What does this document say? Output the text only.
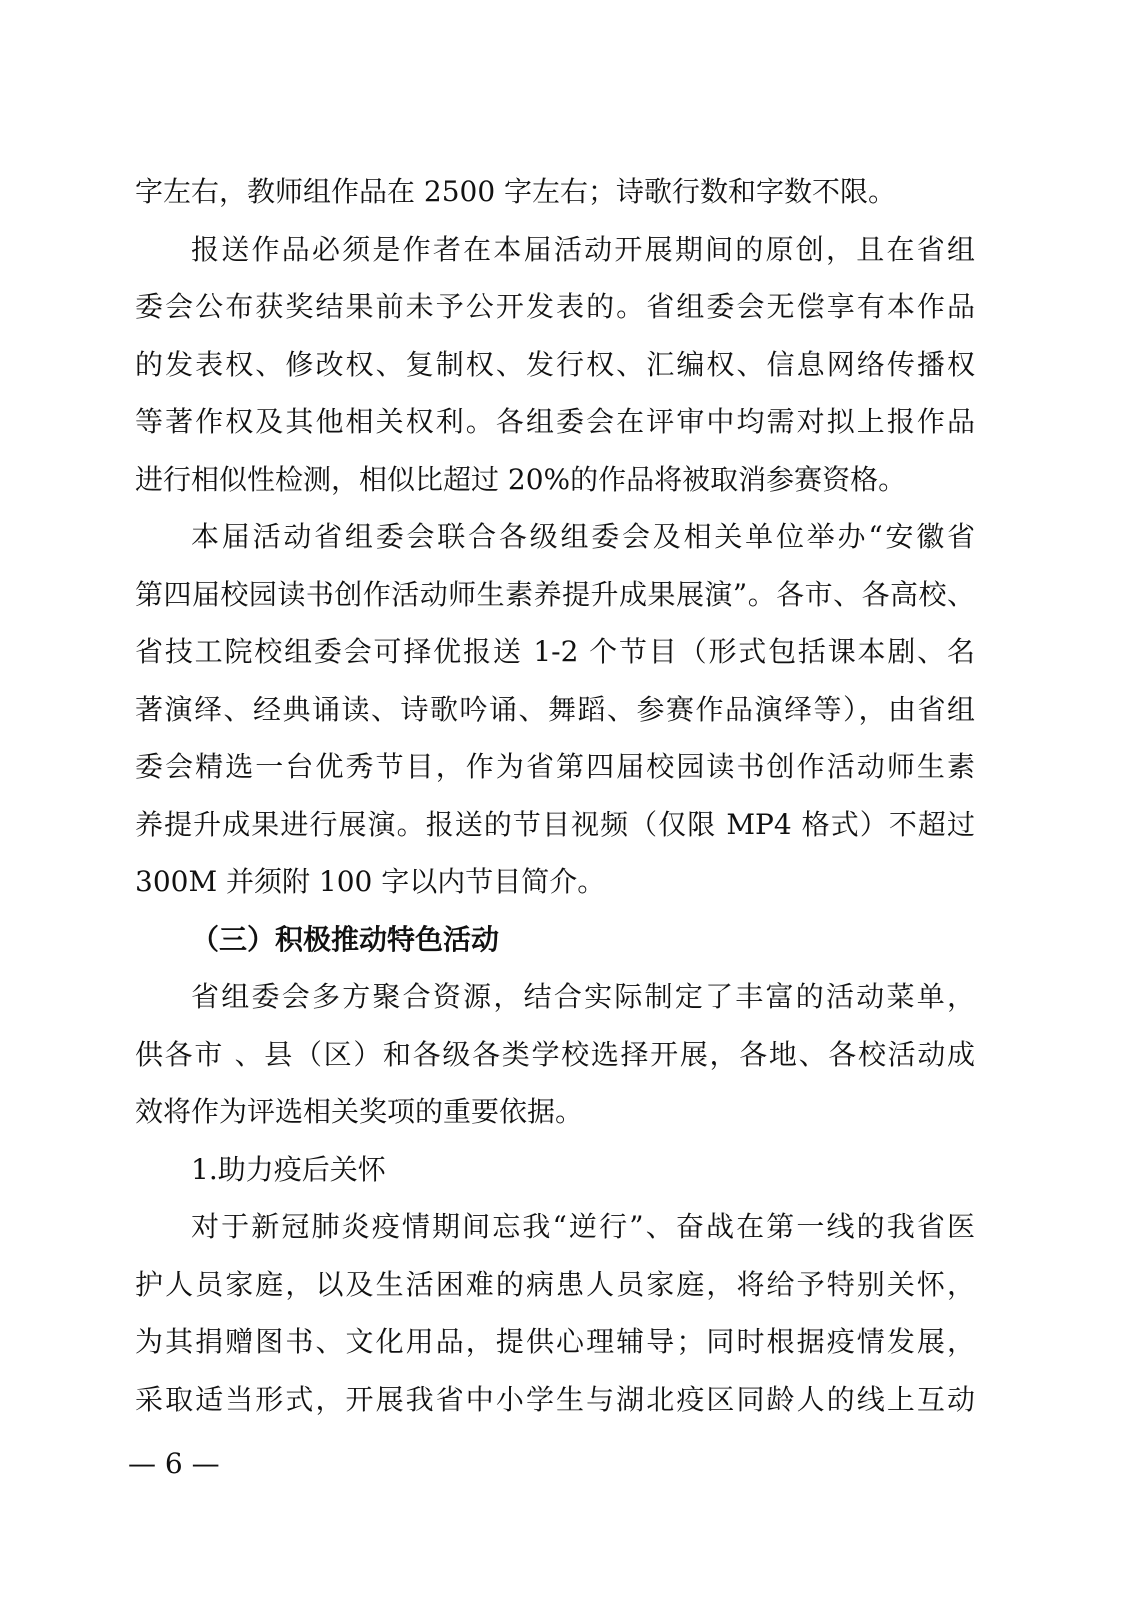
字左右，教师组作品在 2500 字左右；诗歌行数和字数不限。
报送作品必须是作者在本届活动开展期间的原创，且在省组
委会公布获奖结果前未予公开发表的。省组委会无偿享有本作品
的发表权、修改权、复制权、发行权、汇编权、信息网络传播权
等著作权及其他相关权利。各组委会在评审中均需对拟上报作品
进行相似性检测，相似比超过 20%的作品将被取消参赛资格。
本届活动省组委会联合各级组委会及相关单位举办“安徽省
第四届校园读书创作活动师生素养提升成果展演”。各市、各高校、
省技工院校组委会可择优报送 1-2 个节目（形式包括课本剧、名
著演绎、经典诵读、诗歌吟诵、舞蹈、参赛作品演绎等），由省组
委会精选一台优秀节目，作为省第四届校园读书创作活动师生素
养提升成果进行展演。报送的节目视频（仅限 MP4 格式）不超过
300M 并须附 100 字以内节目简介。
（三）积极推动特色活动
省组委会多方聚合资源，结合实际制定了丰富的活动菜单，
供各市 、县（区）和各级各类学校选择开展，各地、各校活动成
效将作为评选相关奖项的重要依据。
1.助力疫后关怀
对于新冠肺炎疫情期间忘我“逆行”、奋战在第一线的我省医
护人员家庭，以及生活困难的病患人员家庭，将给予特别关怀，
为其捐赠图书、文化用品，提供心理辅导；同时根据疫情发展，
采取适当形式，开展我省中小学生与湖北疫区同龄人的线上互动
— 6 —
